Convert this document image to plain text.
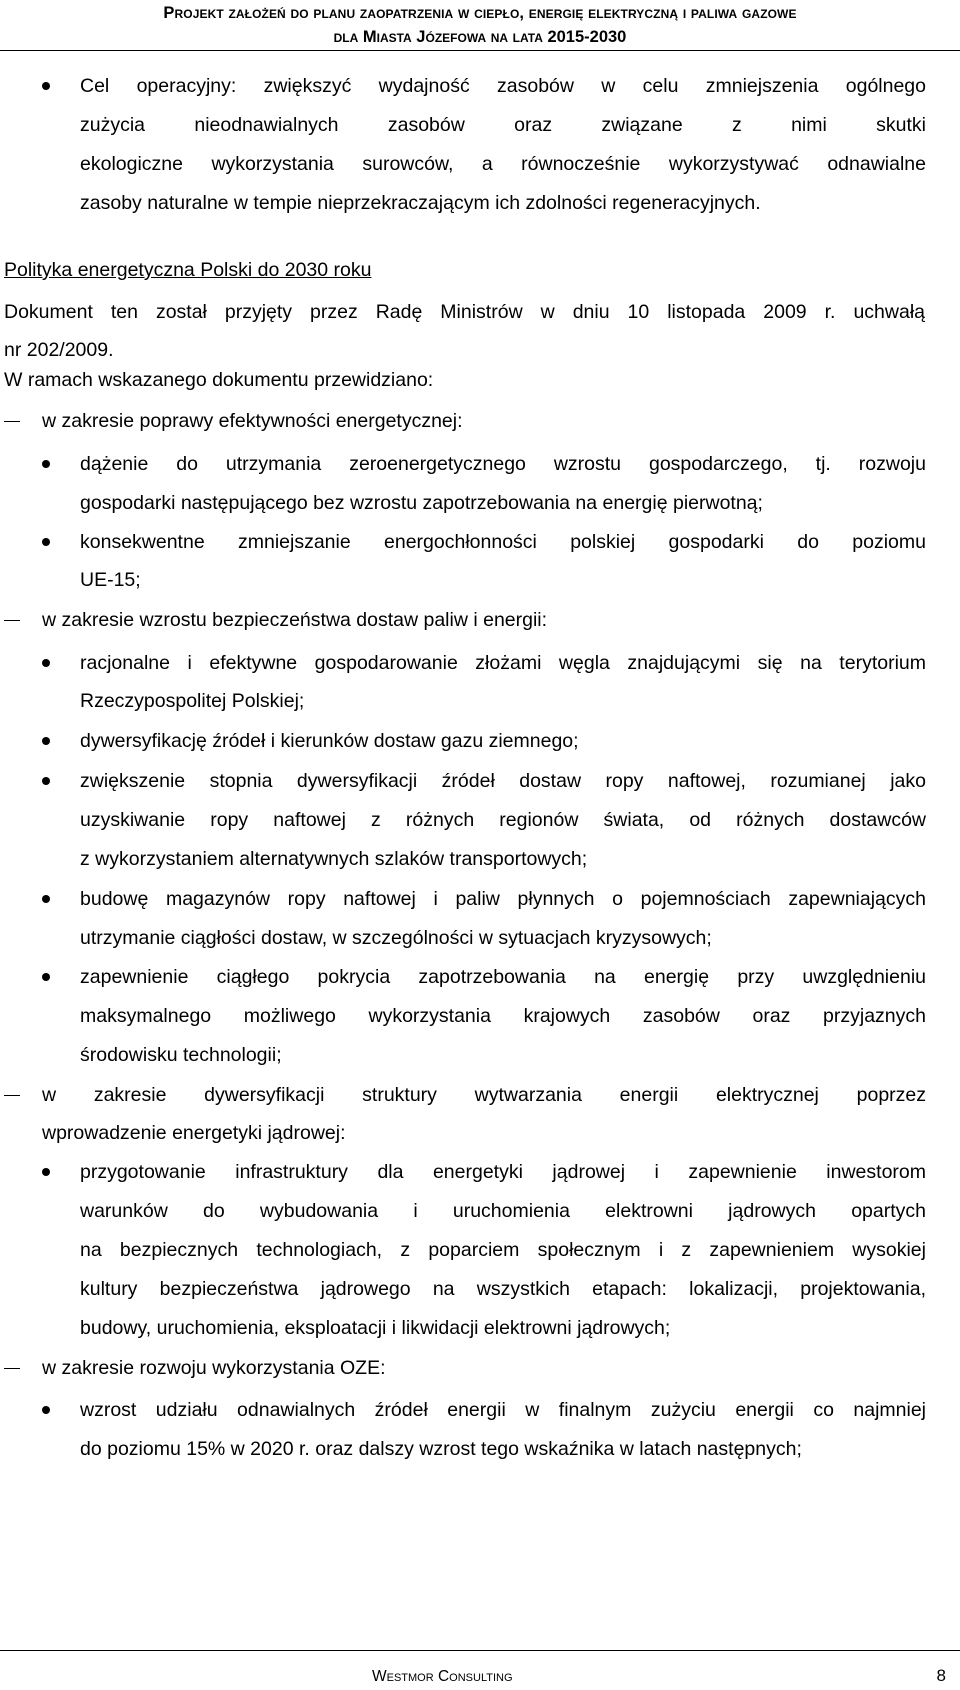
Projekt założeń do planu zaopatrzenia w ciepło, energię elektryczną i paliwa gazowe
dla Miasta Józefowa na lata 2015-2030
Cel operacyjny: zwiększyć wydajność zasobów w celu zmniejszenia ogólnego
zużycia nieodnawialnych zasobów oraz związane z nimi skutki
ekologiczne wykorzystania surowców, a równocześnie wykorzystywać odnawialne
zasoby naturalne w tempie nieprzekraczającym ich zdolności regeneracyjnych.
Polityka energetyczna Polski do 2030 roku
Dokument ten został przyjęty przez Radę Ministrów w dniu 10 listopada 2009 r. uchwałą
nr 202/2009.
W ramach wskazanego dokumentu przewidziano:
w zakresie poprawy efektywności energetycznej:
dążenie do utrzymania zeroenergetycznego wzrostu gospodarczego, tj. rozwoju
gospodarki następującego bez wzrostu zapotrzebowania na energię pierwotną;
konsekwentne zmniejszanie energochłonności polskiej gospodarki do poziomu
UE-15;
w zakresie wzrostu bezpieczeństwa dostaw paliw i energii:
racjonalne i efektywne gospodarowanie złożami węgla znajdującymi się na terytorium
Rzeczypospolitej Polskiej;
dywersyfikację źródeł i kierunków dostaw gazu ziemnego;
zwiększenie stopnia dywersyfikacji źródeł dostaw ropy naftowej, rozumianej jako
uzyskiwanie ropy naftowej z różnych regionów świata, od różnych dostawców
z wykorzystaniem alternatywnych szlaków transportowych;
budowę magazynów ropy naftowej i paliw płynnych o pojemnościach zapewniających
utrzymanie ciągłości dostaw, w szczególności w sytuacjach kryzysowych;
zapewnienie ciągłego pokrycia zapotrzebowania na energię przy uwzględnieniu
maksymalnego możliwego wykorzystania krajowych zasobów oraz przyjaznych
środowisku technologii;
w zakresie dywersyfikacji struktury wytwarzania energii elektrycznej poprzez
wprowadzenie energetyki jądrowej:
przygotowanie infrastruktury dla energetyki jądrowej i zapewnienie inwestorom
warunków do wybudowania i uruchomienia elektrowni jądrowych opartych
na bezpiecznych technologiach, z poparciem społecznym i z zapewnieniem wysokiej
kultury bezpieczeństwa jądrowego na wszystkich etapach: lokalizacji, projektowania,
budowy, uruchomienia, eksploatacji i likwidacji elektrowni jądrowych;
w zakresie rozwoju wykorzystania OZE:
wzrost udziału odnawialnych źródeł energii w finalnym zużyciu energii co najmniej
do poziomu 15% w 2020 r. oraz dalszy wzrost tego wskaźnika w latach następnych;
Westmor Consulting	8
